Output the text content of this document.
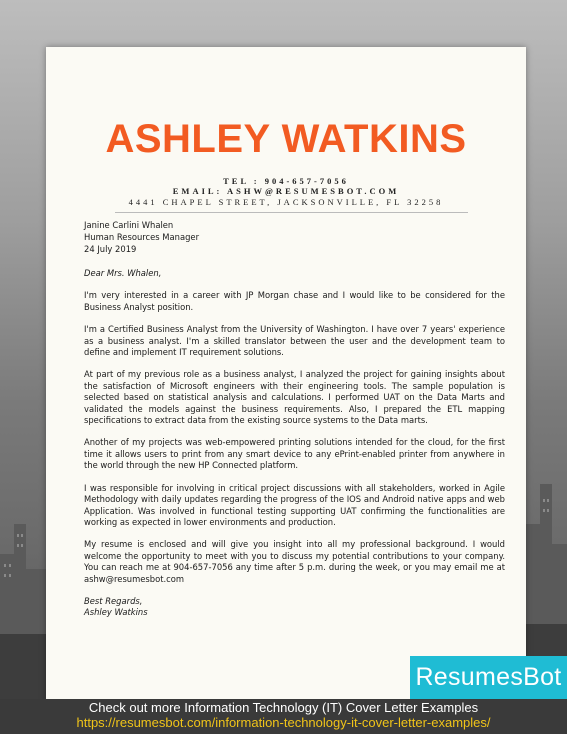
ASHLEY WATKINS
TEL : 904-657-7056
EMAIL: ASHW@RESUMESBOT.COM
4441 CHAPEL STREET, JACKSONVILLE, FL 32258
Janine Carlini Whalen
Human Resources Manager
24 July 2019

Dear Mrs. Whalen,

I'm very interested in a career with JP Morgan chase and I would like to be considered for the Business Analyst position.

I'm a Certified Business Analyst from the University of Washington. I have over 7 years' experience as a business analyst. I'm a skilled translator between the user and the development team to define and implement IT requirement solutions.

At part of my previous role as a business analyst, I analyzed the project for gaining insights about the satisfaction of Microsoft engineers with their engineering tools. The sample population is selected based on statistical analysis and calculations. I performed UAT on the Data Marts and validated the models against the business requirements. Also, I prepared the ETL mapping specifications to extract data from the existing source systems to the Data marts.

Another of my projects was web-empowered printing solutions intended for the cloud, for the first time it allows users to print from any smart device to any ePrint-enabled printer from anywhere in the world through the new HP Connected platform.

I was responsible for involving in critical project discussions with all stakeholders, worked in Agile Methodology with daily updates regarding the progress of the IOS and Android native apps and web Application. Was involved in functional testing supporting UAT confirming the functionalities are working as expected in lower environments and production.

My resume is enclosed and will give you insight into all my professional background. I would welcome the opportunity to meet with you to discuss my potential contributions to your company. You can reach me at 904-657-7056 any time after 5 p.m. during the week, or you may email me at ashw@resumesbot.com

Best Regards,

Ashley Watkins

ResumesBot
Check out more Information Technology (IT) Cover Letter Examples
https://resumesbot.com/information-technology-it-cover-letter-examples/
